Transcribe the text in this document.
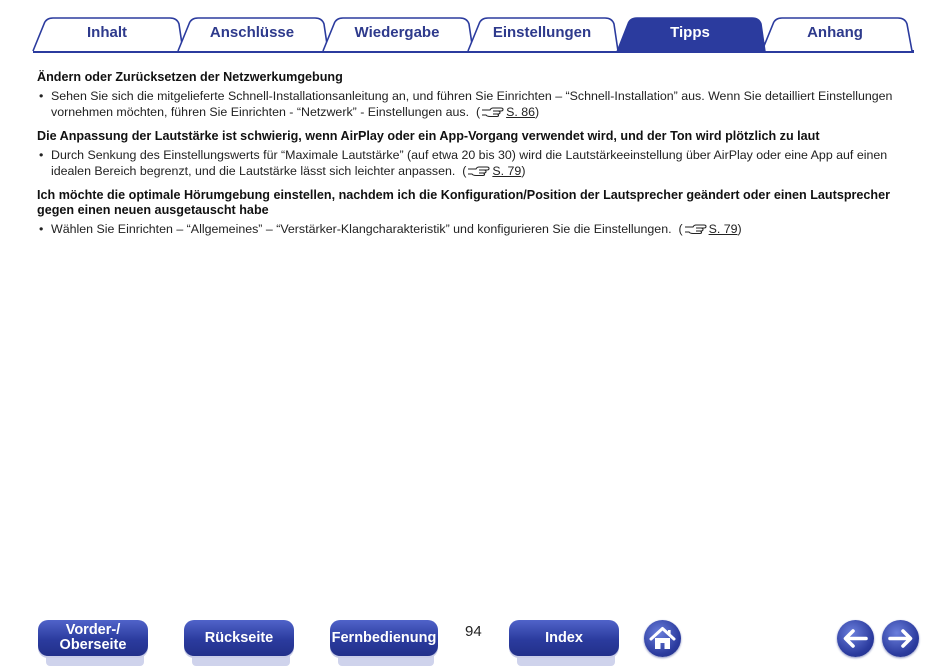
Inhalt	Anschlüsse	Wiedergabe	Einstellungen	Tipps	Anhang
Ändern oder Zurücksetzen der Netzwerkumgebung
• Sehen Sie sich die mitgelieferte Schnell-Installationsanleitung an, und führen Sie Einrichten – “Schnell-Installation” aus. Wenn Sie detailliert Einstellungen vornehmen möchten, führen Sie Einrichten - “Netzwerk” - Einstellungen aus. ( S. 86)
Die Anpassung der Lautstärke ist schwierig, wenn AirPlay oder ein App-Vorgang verwendet wird, und der Ton wird plötzlich zu laut
• Durch Senkung des Einstellungswerts für “Maximale Lautstärke” (auf etwa 20 bis 30) wird die Lautstärkeeinstellung über AirPlay oder eine App auf einen idealen Bereich begrenzt, und die Lautstärke lässt sich leichter anpassen. ( S. 79)
Ich möchte die optimale Hörumgebung einstellen, nachdem ich die Konfiguration/Position der Lautsprecher geändert oder einen Lautsprecher gegen einen neuen ausgetauscht habe
• Wählen Sie Einrichten – “Allgemeines” – “Verstärker-Klangcharakteristik” und konfigurieren Sie die Einstellungen. ( S. 79)
Vorder-/
Oberseite	Rückseite	Fernbedienung 94	Index
